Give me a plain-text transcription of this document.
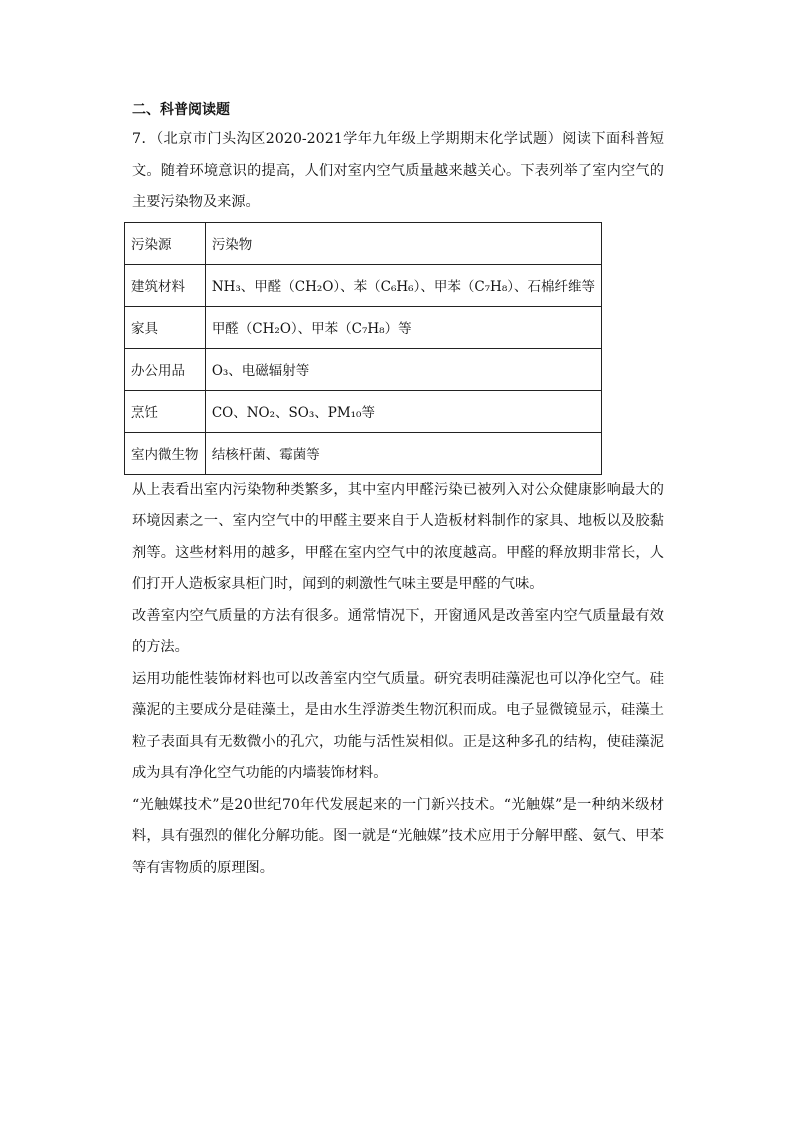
二、科普阅读题

7．（北京市门头沟区2020-2021学年九年级上学期期末化学试题）阅读下面科普短文。随着环境意识的提高，人们对室内空气质量越来越关心。下表列举了室内空气的主要污染物及来源。

污染源	污染物
建筑材料	NH₃、甲醛（CH₂O）、苯（C₆H₆）、甲苯（C₇H₈）、石棉纤维等
家具	甲醛（CH₂O）、甲苯（C₇H₈）等
办公用品	O₃、电磁辐射等
烹饪	CO、NO₂、SO₃、PM₁₀等
室内微生物	结核杆菌、霉菌等

从上表看出室内污染物种类繁多，其中室内甲醛污染已被列入对公众健康影响最大的环境因素之一、室内空气中的甲醛主要来自于人造板材料制作的家具、地板以及胶黏剂等。这些材料用的越多，甲醛在室内空气中的浓度越高。甲醛的释放期非常长，人们打开人造板家具柜门时，闻到的刺激性气味主要是甲醛的气味。

改善室内空气质量的方法有很多。通常情况下，开窗通风是改善室内空气质量最有效的方法。

运用功能性装饰材料也可以改善室内空气质量。研究表明硅藻泥也可以净化空气。硅藻泥的主要成分是硅藻土，是由水生浮游类生物沉积而成。电子显微镜显示，硅藻土粒子表面具有无数微小的孔穴，功能与活性炭相似。正是这种多孔的结构，使硅藻泥成为具有净化空气功能的内墙装饰材料。

“光触媒技术”是20世纪70年代发展起来的一门新兴技术。“光触媒”是一种纳米级材料，具有强烈的催化分解功能。图一就是“光触媒”技术应用于分解甲醛、氨气、甲苯等有害物质的原理图。
